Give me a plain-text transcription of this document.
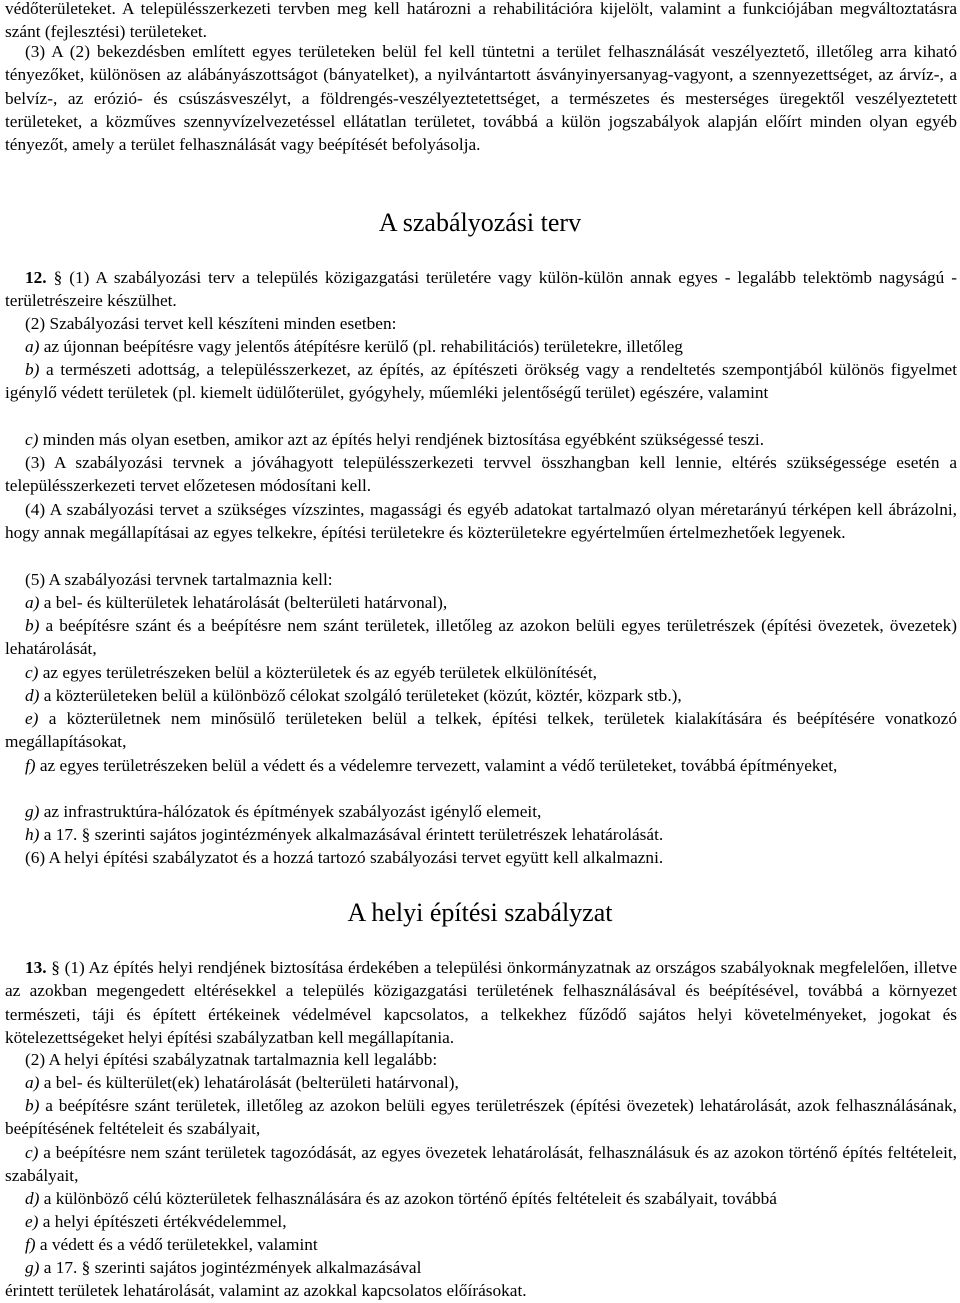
védőterületeket. A településszerkezeti tervben meg kell határozni a rehabilitációra kijelölt, valamint a funkciójában megváltoztatásra szánt (fejlesztési) területeket.

(3) A (2) bekezdésben említett egyes területeken belül fel kell tüntetni a terület felhasználását veszélyeztető, illetőleg arra kiható tényezőket, különösen az alábányászottságot (bányatelket), a nyilvántartott ásványinyersanyag-vagyont, a szennyezettséget, az árvíz-, a belvíz-, az erózió- és csúszásveszélyt, a földrengés-veszélyeztetettséget, a természetes és mesterséges üregektől veszélyeztetett területeket, a közműves szennyvízelvezetéssel ellátatlan területet, továbbá a külön jogszabályok alapján előírt minden olyan egyéb tényezőt, amely a terület felhasználását vagy beépítését befolyásolja.

A szabályozási terv

12. § (1) A szabályozási terv a település közigazgatási területére vagy külön-külön annak egyes - legalább telektömb nagyságú - területrészeire készülhet.

(2) Szabályozási tervet kell készíteni minden esetben:

a) az újonnan beépítésre vagy jelentős átépítésre kerülő (pl. rehabilitációs) területekre, illetőleg

b) a természeti adottság, a településszerkezet, az építés, az építészeti örökség vagy a rendeltetés szempontjából különös figyelmet igénylő védett területek (pl. kiemelt üdülőterület, gyógyhely, műemléki jelentőségű terület) egészére, valamint

c) minden más olyan esetben, amikor azt az építés helyi rendjének biztosítása egyébként szükségessé teszi.

(3) A szabályozási tervnek a jóváhagyott településszerkezeti tervvel összhangban kell lennie, eltérés szükségessége esetén a településszerkezeti tervet előzetesen módosítani kell.

(4) A szabályozási tervet a szükséges vízszintes, magassági és egyéb adatokat tartalmazó olyan méretarányú térképen kell ábrázolni, hogy annak megállapításai az egyes telkekre, építési területekre és közterületekre egyértelműen értelmezhetőek legyenek.

(5) A szabályozási tervnek tartalmaznia kell:

a) a bel- és külterületek lehatárolását (belterületi határvonal),

b) a beépítésre szánt és a beépítésre nem szánt területek, illetőleg az azokon belüli egyes területrészek (építési övezetek, övezetek) lehatárolását,

c) az egyes területrészeken belül a közterületek és az egyéb területek elkülönítését,

d) a közterületeken belül a különböző célokat szolgáló területeket (közút, köztér, közpark stb.),

e) a közterületnek nem minősülő területeken belül a telkek, építési telkek, területek kialakítására és beépítésére vonatkozó megállapításokat,

f) az egyes területrészeken belül a védett és a védelemre tervezett, valamint a védő területeket, továbbá építményeket,

g) az infrastruktúra-hálózatok és építmények szabályozást igénylő elemeit,

h) a 17. § szerinti sajátos jogintézmények alkalmazásával érintett területrészek lehatárolását.

(6) A helyi építési szabályzatot és a hozzá tartozó szabályozási tervet együtt kell alkalmazni.

A helyi építési szabályzat

13. § (1) Az építés helyi rendjének biztosítása érdekében a települési önkormányzatnak az országos szabályoknak megfelelően, illetve az azokban megengedett eltérésekkel a település közigazgatási területének felhasználásával és beépítésével, továbbá a környezet természeti, táji és épített értékeinek védelmével kapcsolatos, a telkekhez fűződő sajátos helyi követelményeket, jogokat és kötelezettségeket helyi építési szabályzatban kell megállapítania.

(2) A helyi építési szabályzatnak tartalmaznia kell legalább:

a) a bel- és külterület(ek) lehatárolását (belterületi határvonal),

b) a beépítésre szánt területek, illetőleg az azokon belüli egyes területrészek (építési övezetek) lehatárolását, azok felhasználásának, beépítésének feltételeit és szabályait,

c) a beépítésre nem szánt területek tagozódását, az egyes övezetek lehatárolását, felhasználásuk és az azokon történő építés feltételeit, szabályait,

d) a különböző célú közterületek felhasználására és az azokon történő építés feltételeit és szabályait, továbbá

e) a helyi építészeti értékvédelemmel,

f) a védett és a védő területekkel, valamint

g) a 17. § szerinti sajátos jogintézmények alkalmazásával

érintett területek lehatárolását, valamint az azokkal kapcsolatos előírásokat.
